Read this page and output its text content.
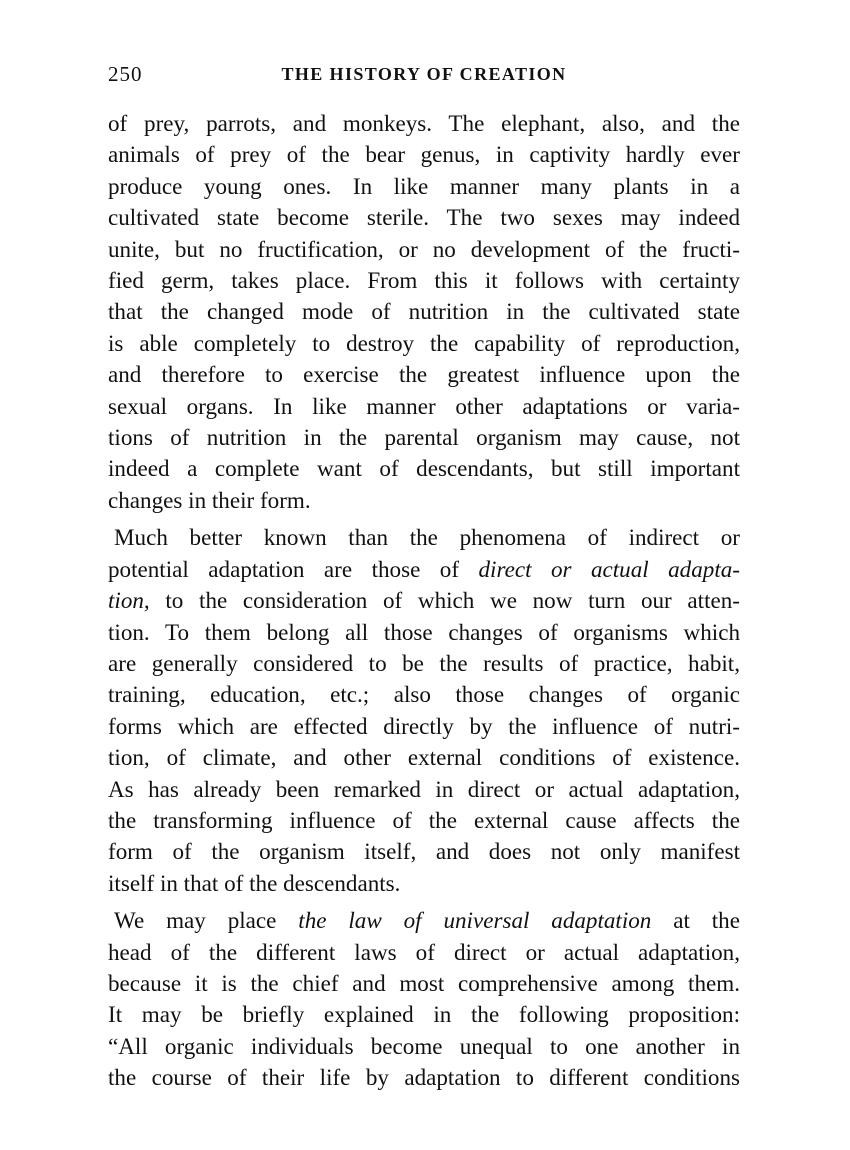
250	THE HISTORY OF CREATION
of prey, parrots, and monkeys. The elephant, also, and the
animals of prey of the bear genus, in captivity hardly ever
produce young ones. In like manner many plants in a
cultivated state become sterile. The two sexes may indeed
unite, but no fructification, or no development of the fructi-
fied germ, takes place. From this it follows with certainty
that the changed mode of nutrition in the cultivated state
is able completely to destroy the capability of reproduction,
and therefore to exercise the greatest influence upon the
sexual organs. In like manner other adaptations or varia-
tions of nutrition in the parental organism may cause, not
indeed a complete want of descendants, but still important
changes in their form.
Much better known than the phenomena of indirect or
potential adaptation are those of direct or actual adapta-
tion, to the consideration of which we now turn our atten-
tion. To them belong all those changes of organisms which
are generally considered to be the results of practice, habit,
training, education, etc.; also those changes of organic
forms which are effected directly by the influence of nutri-
tion, of climate, and other external conditions of existence.
As has already been remarked in direct or actual adaptation,
the transforming influence of the external cause affects the
form of the organism itself, and does not only manifest
itself in that of the descendants.
We may place the law of universal adaptation at the
head of the different laws of direct or actual adaptation,
because it is the chief and most comprehensive among them.
It may be briefly explained in the following proposition:
“All organic individuals become unequal to one another in
the course of their life by adaptation to different conditions
